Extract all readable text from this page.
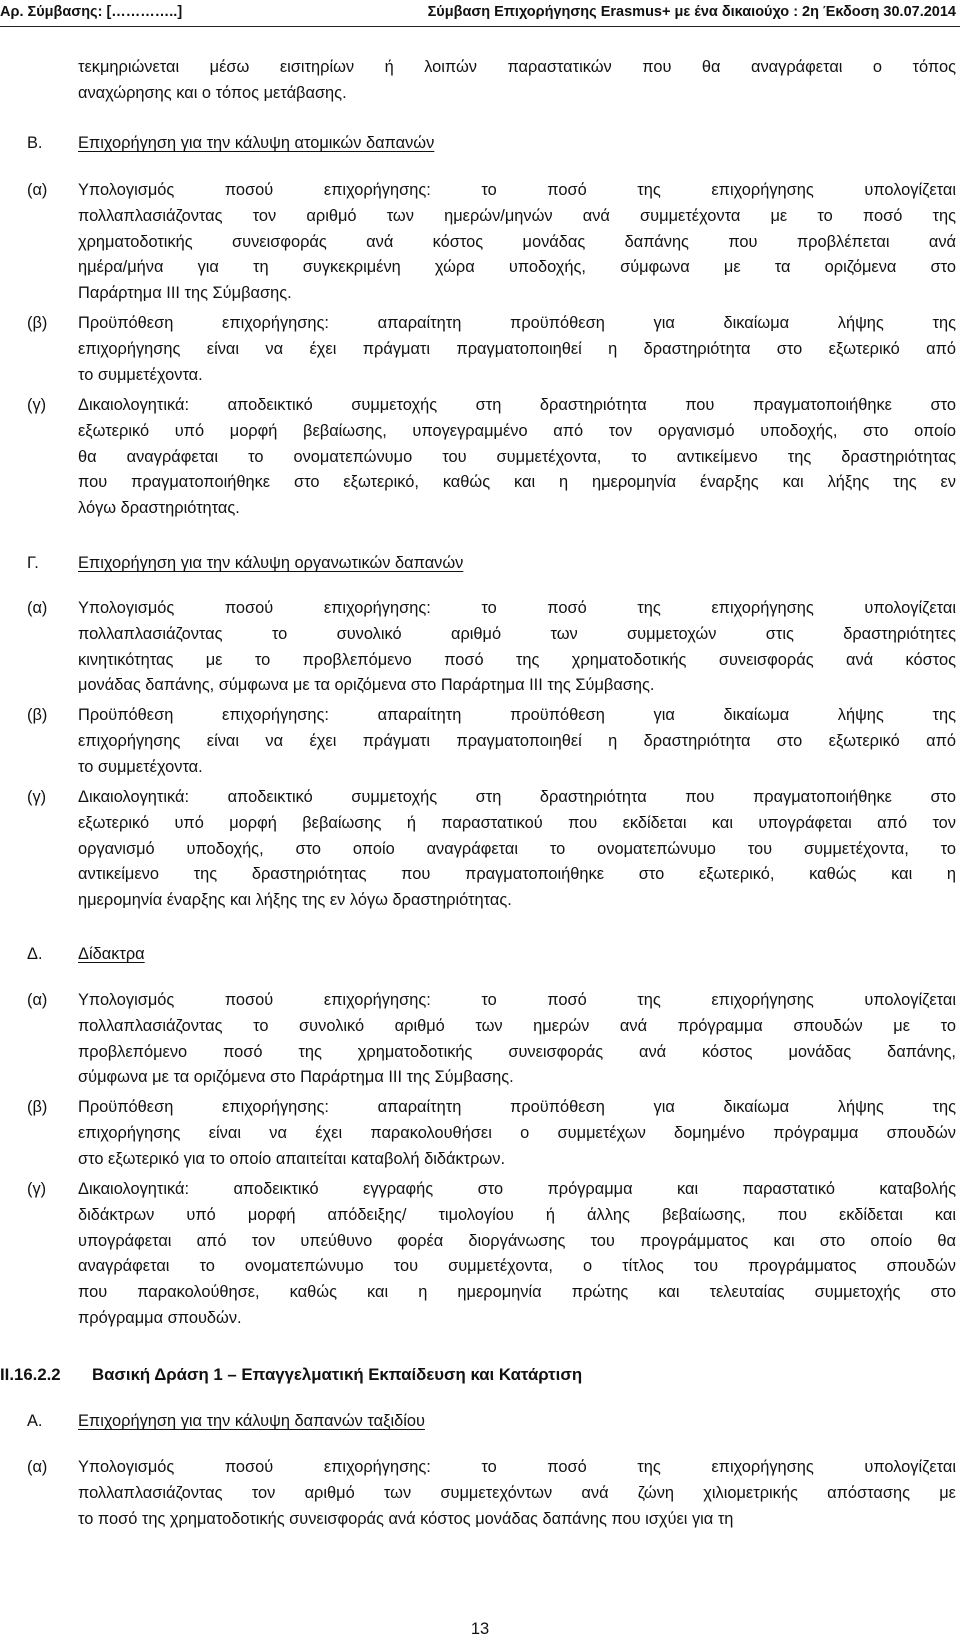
Αρ. Σύμβασης: […………..]	Σύμβαση Επιχορήγησης Erasmus+ με ένα δικαιούχο : 2η Έκδοση 30.07.2014

τεκμηριώνεται μέσω εισιτηρίων ή λοιπών παραστατικών που θα αναγράφεται ο τόπος

αναχώρησης και ο τόπος μετάβασης.

Β. Επιχορήγηση για την κάλυψη ατομικών δαπανών
(α) Υπολογισμός ποσού επιχορήγησης: το ποσό της επιχορήγησης υπολογίζεται

πολλαπλασιάζοντας τον αριθμό των ημερών/μηνών ανά συμμετέχοντα με το ποσό της

χρηματοδοτικής συνεισφοράς ανά κόστος μονάδας δαπάνης που προβλέπεται ανά

ημέρα/μήνα για τη συγκεκριμένη χώρα υποδοχής, σύμφωνα με τα οριζόμενα στο

Παράρτημα ΙΙΙ της Σύμβασης.

(β) Προϋπόθεση επιχορήγησης: απαραίτητη προϋπόθεση για δικαίωμα λήψης της

επιχορήγησης είναι να έχει πράγματι πραγματοποιηθεί η δραστηριότητα στο εξωτερικό από

το συμμετέχοντα.

(γ) Δικαιολογητικά: αποδεικτικό συμμετοχής στη δραστηριότητα που πραγματοποιήθηκε στο

εξωτερικό υπό μορφή βεβαίωσης, υπογεγραμμένο από τον οργανισμό υποδοχής, στο οποίο

θα αναγράφεται το ονοματεπώνυμο του συμμετέχοντα, το αντικείμενο της δραστηριότητας

που πραγματοποιήθηκε στο εξωτερικό, καθώς και η ημερομηνία έναρξης και λήξης της εν

λόγω δραστηριότητας.

Γ. Επιχορήγηση για την κάλυψη οργανωτικών δαπανών
(α) Υπολογισμός ποσού επιχορήγησης: το ποσό της επιχορήγησης υπολογίζεται

πολλαπλασιάζοντας το συνολικό αριθμό των συμμετοχών στις δραστηριότητες

κινητικότητας με το προβλεπόμενο ποσό της χρηματοδοτικής συνεισφοράς ανά κόστος

μονάδας δαπάνης, σύμφωνα με τα οριζόμενα στο Παράρτημα ΙΙΙ της Σύμβασης.

(β) Προϋπόθεση επιχορήγησης: απαραίτητη προϋπόθεση για δικαίωμα λήψης της

επιχορήγησης είναι να έχει πράγματι πραγματοποιηθεί η δραστηριότητα στο εξωτερικό από

το συμμετέχοντα.

(γ) Δικαιολογητικά: αποδεικτικό συμμετοχής στη δραστηριότητα που πραγματοποιήθηκε στο

εξωτερικό υπό μορφή βεβαίωσης ή παραστατικού που εκδίδεται και υπογράφεται από τον

οργανισμό υποδοχής, στο οποίο αναγράφεται το ονοματεπώνυμο του συμμετέχοντα, το

αντικείμενο της δραστηριότητας που πραγματοποιήθηκε στο εξωτερικό, καθώς και η

ημερομηνία έναρξης και λήξης της εν λόγω δραστηριότητας.

Δ. Δίδακτρα
(α) Υπολογισμός ποσού επιχορήγησης: το ποσό της επιχορήγησης υπολογίζεται

πολλαπλασιάζοντας το συνολικό αριθμό των ημερών ανά πρόγραμμα σπουδών με το

προβλεπόμενο ποσό της χρηματοδοτικής συνεισφοράς ανά κόστος μονάδας δαπάνης,

σύμφωνα με τα οριζόμενα στο Παράρτημα ΙΙΙ της Σύμβασης.

(β) Προϋπόθεση επιχορήγησης: απαραίτητη προϋπόθεση για δικαίωμα λήψης της

επιχορήγησης είναι να έχει παρακολουθήσει ο συμμετέχων δομημένο πρόγραμμα σπουδών

στο εξωτερικό για το οποίο απαιτείται καταβολή διδάκτρων.

(γ) Δικαιολογητικά: αποδεικτικό εγγραφής στο πρόγραμμα και παραστατικό καταβολής

διδάκτρων υπό μορφή απόδειξης/ τιμολογίου ή άλλης βεβαίωσης, που εκδίδεται και

υπογράφεται από τον υπεύθυνο φορέα διοργάνωσης του προγράμματος και στο οποίο θα

αναγράφεται το ονοματεπώνυμο του συμμετέχοντα, ο τίτλος του προγράμματος σπουδών

που παρακολούθησε, καθώς και η ημερομηνία πρώτης και τελευταίας συμμετοχής στο

πρόγραμμα σπουδών.

ΙΙ.16.2.2 Βασική Δράση 1 – Επαγγελματική Εκπαίδευση και Κατάρτιση
Α. Επιχορήγηση για την κάλυψη δαπανών ταξιδίου
(α) Υπολογισμός ποσού επιχορήγησης: το ποσό της επιχορήγησης υπολογίζεται

πολλαπλασιάζοντας τον αριθμό των συμμετεχόντων ανά ζώνη χιλιομετρικής απόστασης με

το ποσό της χρηματοδοτικής συνεισφοράς ανά κόστος μονάδας δαπάνης που ισχύει για τη

13
